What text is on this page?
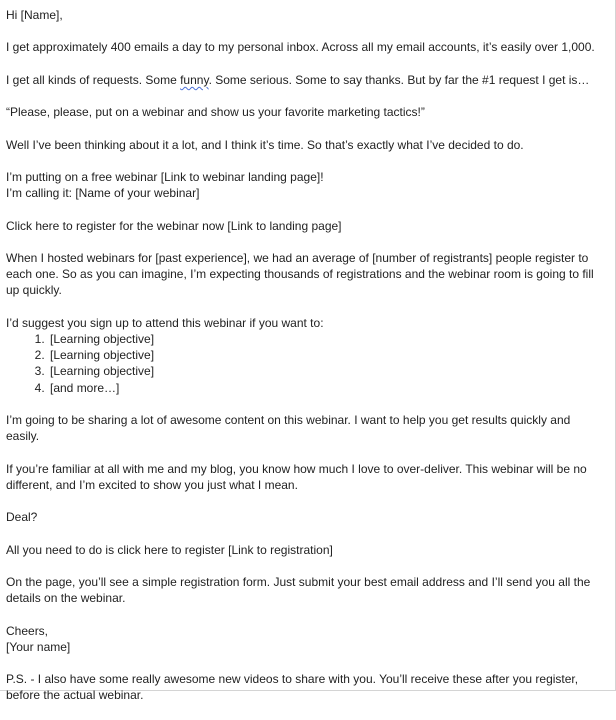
Hi [Name],

I get approximately 400 emails a day to my personal inbox. Across all my email accounts, it’s easily over 1,000.

I get all kinds of requests. Some funny. Some serious. Some to say thanks. But by far the #1 request I get is…

“Please, please, put on a webinar and show us your favorite marketing tactics!”

Well I’ve been thinking about it a lot, and I think it’s time. So that’s exactly what I’ve decided to do.

I’m putting on a free webinar [Link to webinar landing page]!
I’m calling it: [Name of your webinar]

Click here to register for the webinar now [Link to landing page]

When I hosted webinars for [past experience], we had an average of [number of registrants] people register to each one. So as you can imagine, I’m expecting thousands of registrations and the webinar room is going to fill up quickly.

I’d suggest you sign up to attend this webinar if you want to:

1. [Learning objective]
2. [Learning objective]
3. [Learning objective]
4. [and more…]

I’m going to be sharing a lot of awesome content on this webinar. I want to help you get results quickly and easily.

If you’re familiar at all with me and my blog, you know how much I love to over-deliver. This webinar will be no different, and I’m excited to show you just what I mean.

Deal?

All you need to do is click here to register [Link to registration]

On the page, you’ll see a simple registration form. Just submit your best email address and I’ll send you all the details on the webinar.

Cheers,
[Your name]

P.S. - I also have some really awesome new videos to share with you. You’ll receive these after you register, before the actual webinar.
